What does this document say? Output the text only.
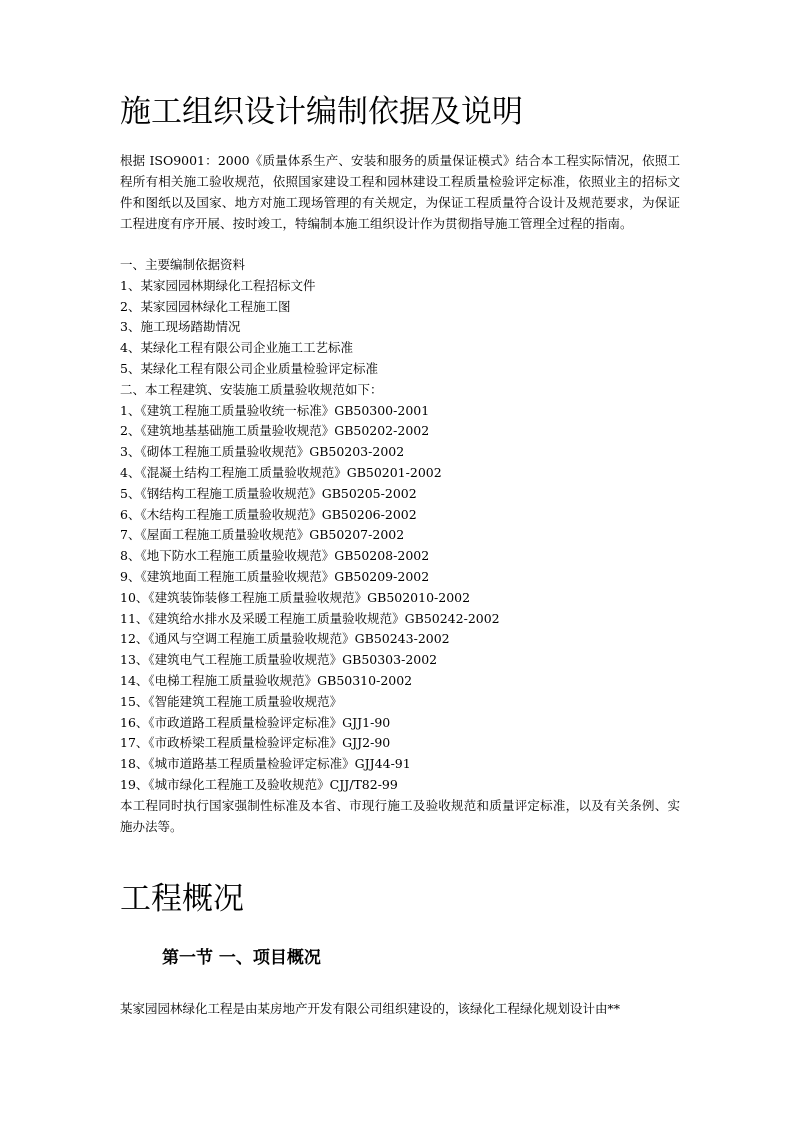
施工组织设计编制依据及说明

根据 ISO9001：2000《质量体系生产、安装和服务的质量保证模式》结合本工程实际情况，依照工程所有相关施工验收规范，依照国家建设工程和园林建设工程质量检验评定标准，依照业主的招标文件和图纸以及国家、地方对施工现场管理的有关规定，为保证工程质量符合设计及规范要求，为保证工程进度有序开展、按时竣工，特编制本施工组织设计作为贯彻指导施工管理全过程的指南。

一、主要编制依据资料
1、某家园园林期绿化工程招标文件
2、某家园园林绿化工程施工图
3、施工现场踏勘情况
4、某绿化工程有限公司企业施工工艺标准
5、某绿化工程有限公司企业质量检验评定标准
二、本工程建筑、安装施工质量验收规范如下：
1、《建筑工程施工质量验收统一标准》GB50300-2001
2、《建筑地基基础施工质量验收规范》GB50202-2002
3、《砌体工程施工质量验收规范》GB50203-2002
4、《混凝土结构工程施工质量验收规范》GB50201-2002
5、《钢结构工程施工质量验收规范》GB50205-2002
6、《木结构工程施工质量验收规范》GB50206-2002
7、《屋面工程施工质量验收规范》GB50207-2002
8、《地下防水工程施工质量验收规范》GB50208-2002
9、《建筑地面工程施工质量验收规范》GB50209-2002
10、《建筑装饰装修工程施工质量验收规范》GB502010-2002
11、《建筑给水排水及采暖工程施工质量验收规范》GB50242-2002
12、《通风与空调工程施工质量验收规范》GB50243-2002
13、《建筑电气工程施工质量验收规范》GB50303-2002
14、《电梯工程施工质量验收规范》GB50310-2002
15、《智能建筑工程施工质量验收规范》
16、《市政道路工程质量检验评定标准》GJJ1-90
17、《市政桥梁工程质量检验评定标准》GJJ2-90
18、《城市道路基工程质量检验评定标准》GJJ44-91
19、《城市绿化工程施工及验收规范》CJJ/T82-99

本工程同时执行国家强制性标准及本省、市现行施工及验收规范和质量评定标准，以及有关条例、实施办法等。

工程概况
第一节 一、项目概况

某家园园林绿化工程是由某房地产开发有限公司组织建设的，该绿化工程绿化规划设计由**
